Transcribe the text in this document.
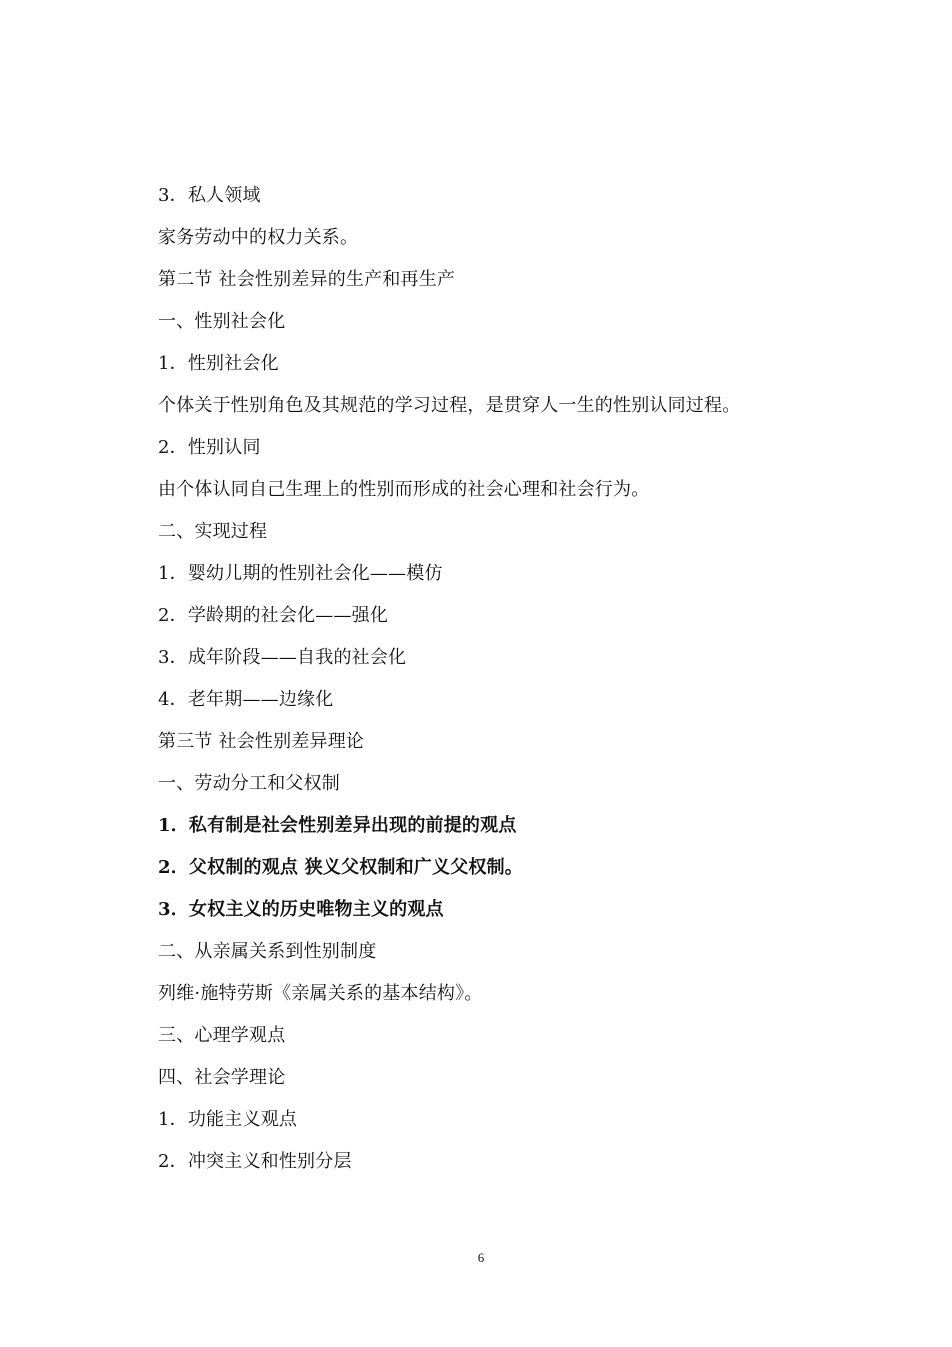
3．私人领域
家务劳动中的权力关系。
第二节 社会性别差异的生产和再生产
一、性别社会化
1．性别社会化
个体关于性别角色及其规范的学习过程，是贯穿人一生的性别认同过程。
2．性别认同
由个体认同自己生理上的性别而形成的社会心理和社会行为。
二、实现过程
1．婴幼儿期的性别社会化——模仿
2．学龄期的社会化——强化
3．成年阶段——自我的社会化
4．老年期——边缘化
第三节 社会性别差异理论
一、劳动分工和父权制
1．私有制是社会性别差异出现的前提的观点
2．父权制的观点 狭义父权制和广义父权制。
3．女权主义的历史唯物主义的观点
二、从亲属关系到性别制度
列维·施特劳斯《亲属关系的基本结构》。
三、心理学观点
四、社会学理论
1．功能主义观点
2．冲突主义和性别分层
6
